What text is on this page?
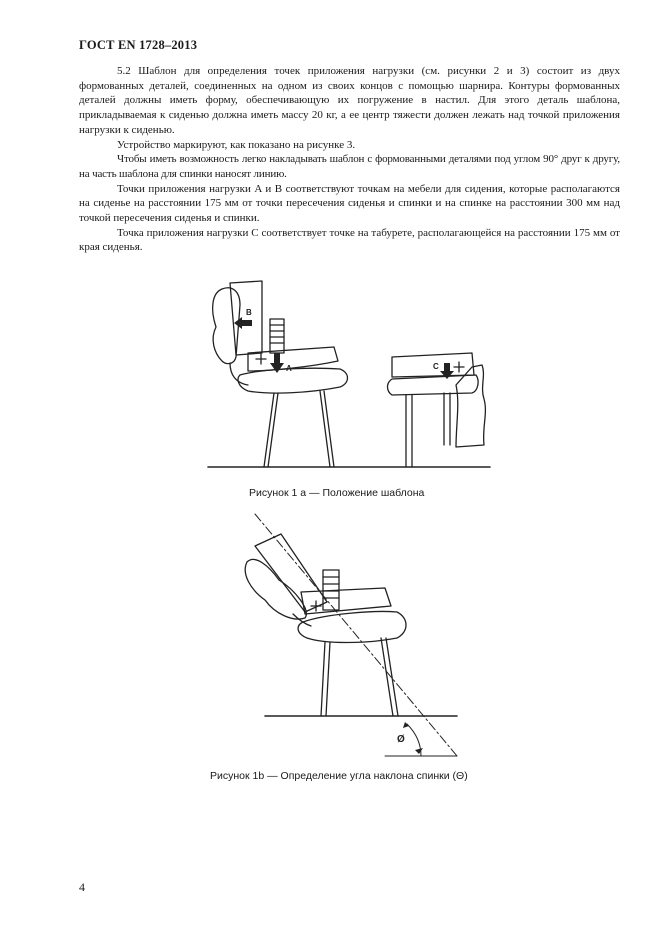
ГОСТ EN 1728–2013

5.2 Шаблон для определения точек приложения нагрузки (см. рисунки 2 и 3) состоит из двух формованных деталей, соединенных на одном из своих концов с помощью шарнира. Контуры формованных деталей должны иметь форму, обеспечивающую их погружение в настил. Для этого деталь шаблона, прикладываемая к сиденью должна иметь массу 20 кг, а ее центр тяжести должен лежать над точкой приложения нагрузки к сиденью.

Устройство маркируют, как показано на рисунке 3.

Чтобы иметь возможность легко накладывать шаблон с формованными деталями под углом 90° друг к другу, на часть шаблона для спинки наносят линию.

Точки приложения нагрузки A и B соответствуют точкам на мебели для сидения, которые располагаются на сиденье на расстоянии 175 мм от точки пересечения сиденья и спинки и на спинке на расстоянии 300 мм над точкой пересечения сиденья и спинки.

Точка приложения нагрузки C соответствует точке на табурете, располагающейся на расстоянии 175 мм от края сиденья.

B
A	C
Рисунок 1 а — Положение шаблона
Ø
Рисунок 1b — Определение угла наклона спинки (Θ)
4
